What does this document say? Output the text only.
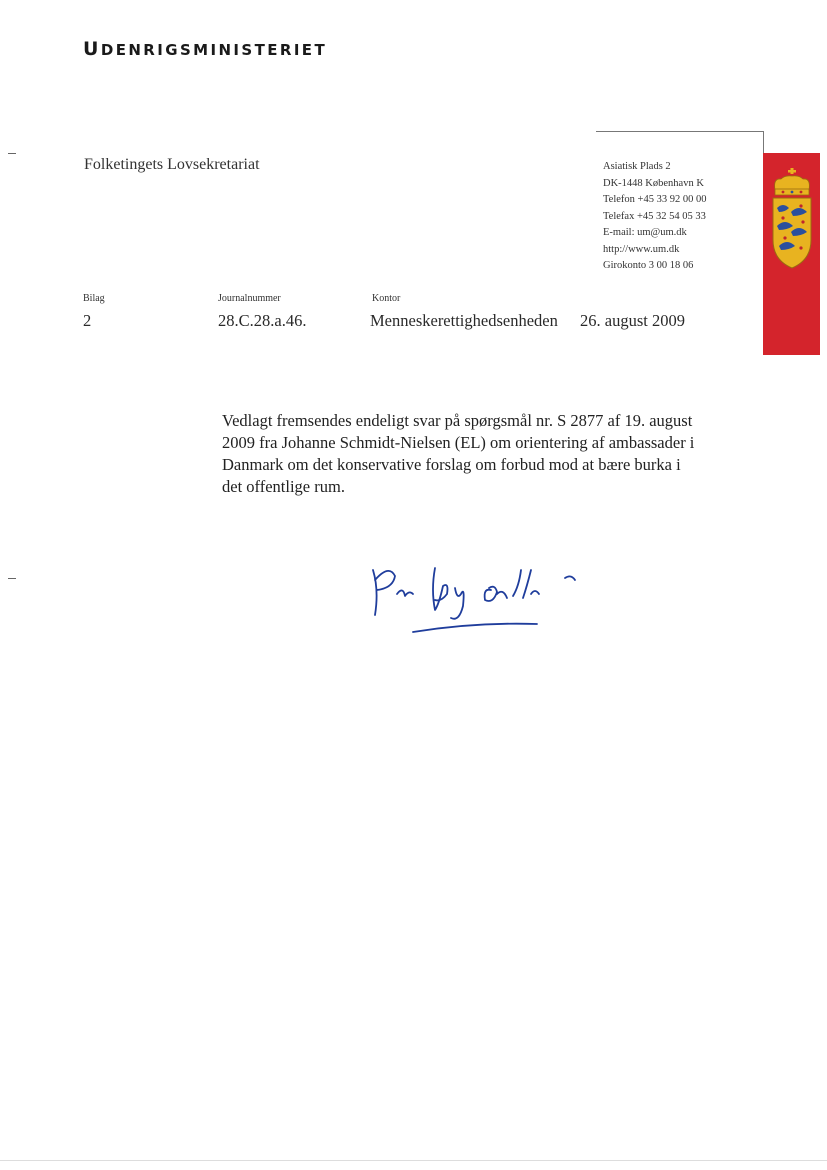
UDENRIGSMINISTERIET
Folketingets Lovsekretariat	Asiatisk Plads 2
DK-1448 København K
Telefon +45 33 92 00 00
Telefax +45 32 54 05 33
E-mail: um@um.dk
http://www.um.dk
Girokonto 3 00 18 06
Bilag	Journalnummer	Kontor
2	28.C.28.a.46.	Menneskerettighedsenheden 26. august 2009

Vedlagt fremsendes endeligt svar på spørgsmål nr. S 2877 af 19. august

2009 fra Johanne Schmidt-Nielsen (EL) om orientering af ambassader i

Danmark om det konservative forslag om forbud mod at bære burka i

det offentlige rum.
